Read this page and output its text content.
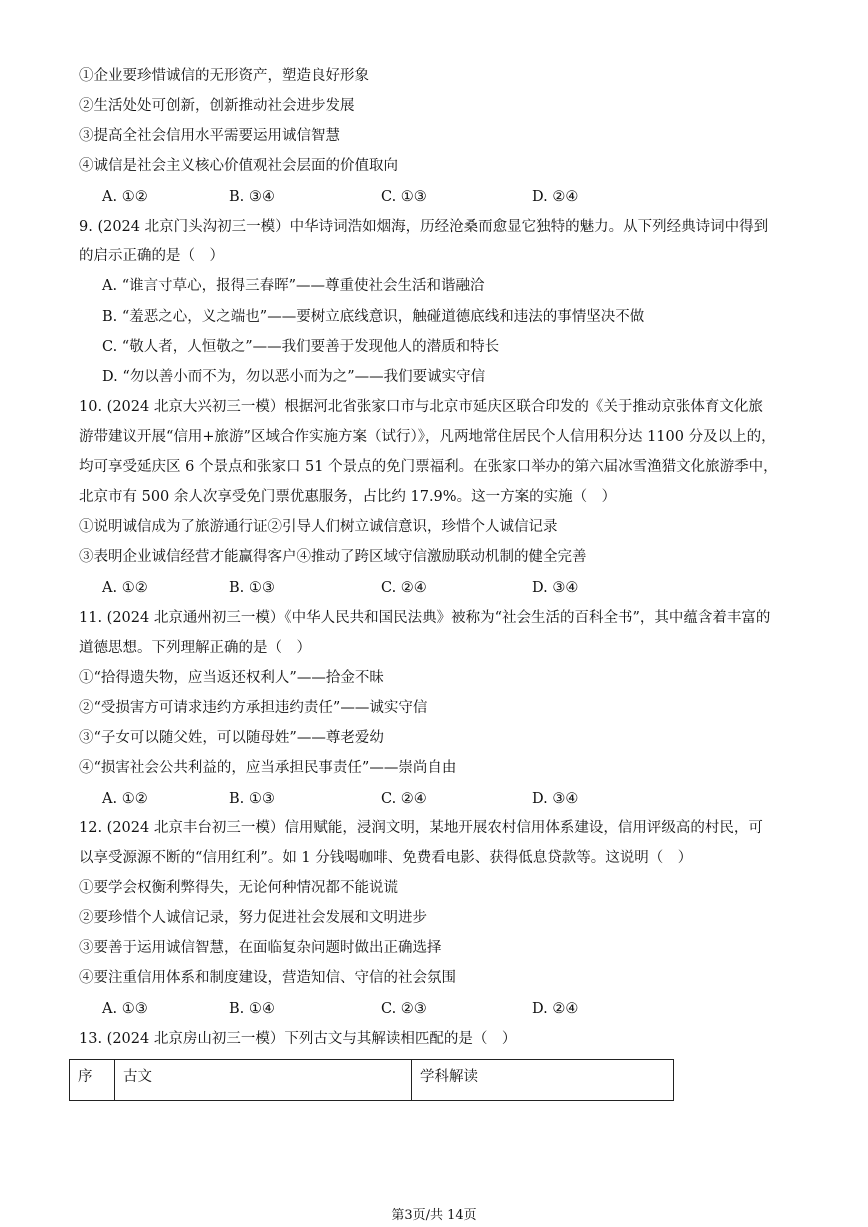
①企业要珍惜诚信的无形资产，塑造良好形象
②生活处处可创新，创新推动社会进步发展
③提高全社会信用水平需要运用诚信智慧
④诚信是社会主义核心价值观社会层面的价值取向
A. ①②	B. ③④	C. ①③	D. ②④
9. (2024 北京门头沟初三一模）中华诗词浩如烟海，历经沧桑而愈显它独特的魅力。从下列经典诗词中得到
的启示正确的是（　）
A. “谁言寸草心，报得三春晖”——尊重使社会生活和谐融洽
B. “羞恶之心，义之端也”——要树立底线意识，触碰道德底线和违法的事情坚决不做
C. “敬人者，人恒敬之”——我们要善于发现他人的潜质和特长
D. “勿以善小而不为，勿以恶小而为之”——我们要诚实守信
10. (2024 北京大兴初三一模）根据河北省张家口市与北京市延庆区联合印发的《关于推动京张体育文化旅
游带建议开展“信用+旅游”区域合作实施方案（试行）》，凡两地常住居民个人信用积分达 1100 分及以上的，
均可享受延庆区 6 个景点和张家口 51 个景点的免门票福利。在张家口举办的第六届冰雪渔猎文化旅游季中，
北京市有 500 余人次享受免门票优惠服务，占比约 17.9%。这一方案的实施（　）
①说明诚信成为了旅游通行证②引导人们树立诚信意识，珍惜个人诚信记录
③表明企业诚信经营才能赢得客户④推动了跨区域守信激励联动机制的健全完善
A. ①②	B. ①③	C. ②④	D. ③④
11. (2024 北京通州初三一模）《中华人民共和国民法典》被称为“社会生活的百科全书”，其中蕴含着丰富的
道德思想。下列理解正确的是（　）
①“拾得遗失物，应当返还权利人”——拾金不昧
②“受损害方可请求违约方承担违约责任”——诚实守信
③“子女可以随父姓，可以随母姓”——尊老爱幼
④“损害社会公共利益的，应当承担民事责任”——崇尚自由
A. ①②	B. ①③	C. ②④	D. ③④
12. (2024 北京丰台初三一模）信用赋能，浸润文明，某地开展农村信用体系建设，信用评级高的村民，可
以享受源源不断的“信用红利”。如 1 分钱喝咖啡、免费看电影、获得低息贷款等。这说明（　）
①要学会权衡利弊得失，无论何种情况都不能说谎
②要珍惜个人诚信记录，努力促进社会发展和文明进步
③要善于运用诚信智慧，在面临复杂问题时做出正确选择
④要注重信用体系和制度建设，营造知信、守信的社会氛围
A. ①③	B. ①④	C. ②③	D. ②④
13. (2024 北京房山初三一模）下列古文与其解读相匹配的是（　）
序	古文	学科解读
第3页/共 14页
